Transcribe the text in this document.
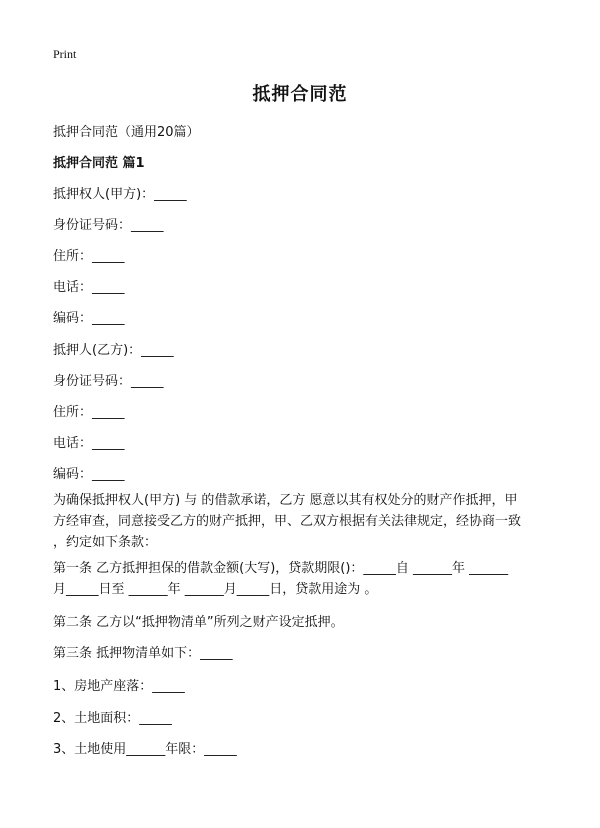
Print
抵押合同范
抵押合同范（通用20篇）
抵押合同范 篇1
抵押权人(甲方)：_____
身份证号码：_____
住所：_____
电话：_____
编码：_____
抵押人(乙方)：_____
身份证号码：_____
住所：_____
电话：_____
编码：_____
为确保抵押权人(甲方) 与 的借款承诺，乙方 愿意以其有权处分的财产作抵押，甲
方经审查，同意接受乙方的财产抵押，甲、乙双方根据有关法律规定，经协商一致
，约定如下条款：
第一条 乙方抵押担保的借款金额(大写)，贷款期限()：_____自 ______年 ______
月_____日至 ______年 ______月_____日，贷款用途为 。
第二条 乙方以“抵押物清单”所列之财产设定抵押。
第三条 抵押物清单如下：_____
1、房地产座落：_____
2、土地面积：_____
3、土地使用______年限：_____
